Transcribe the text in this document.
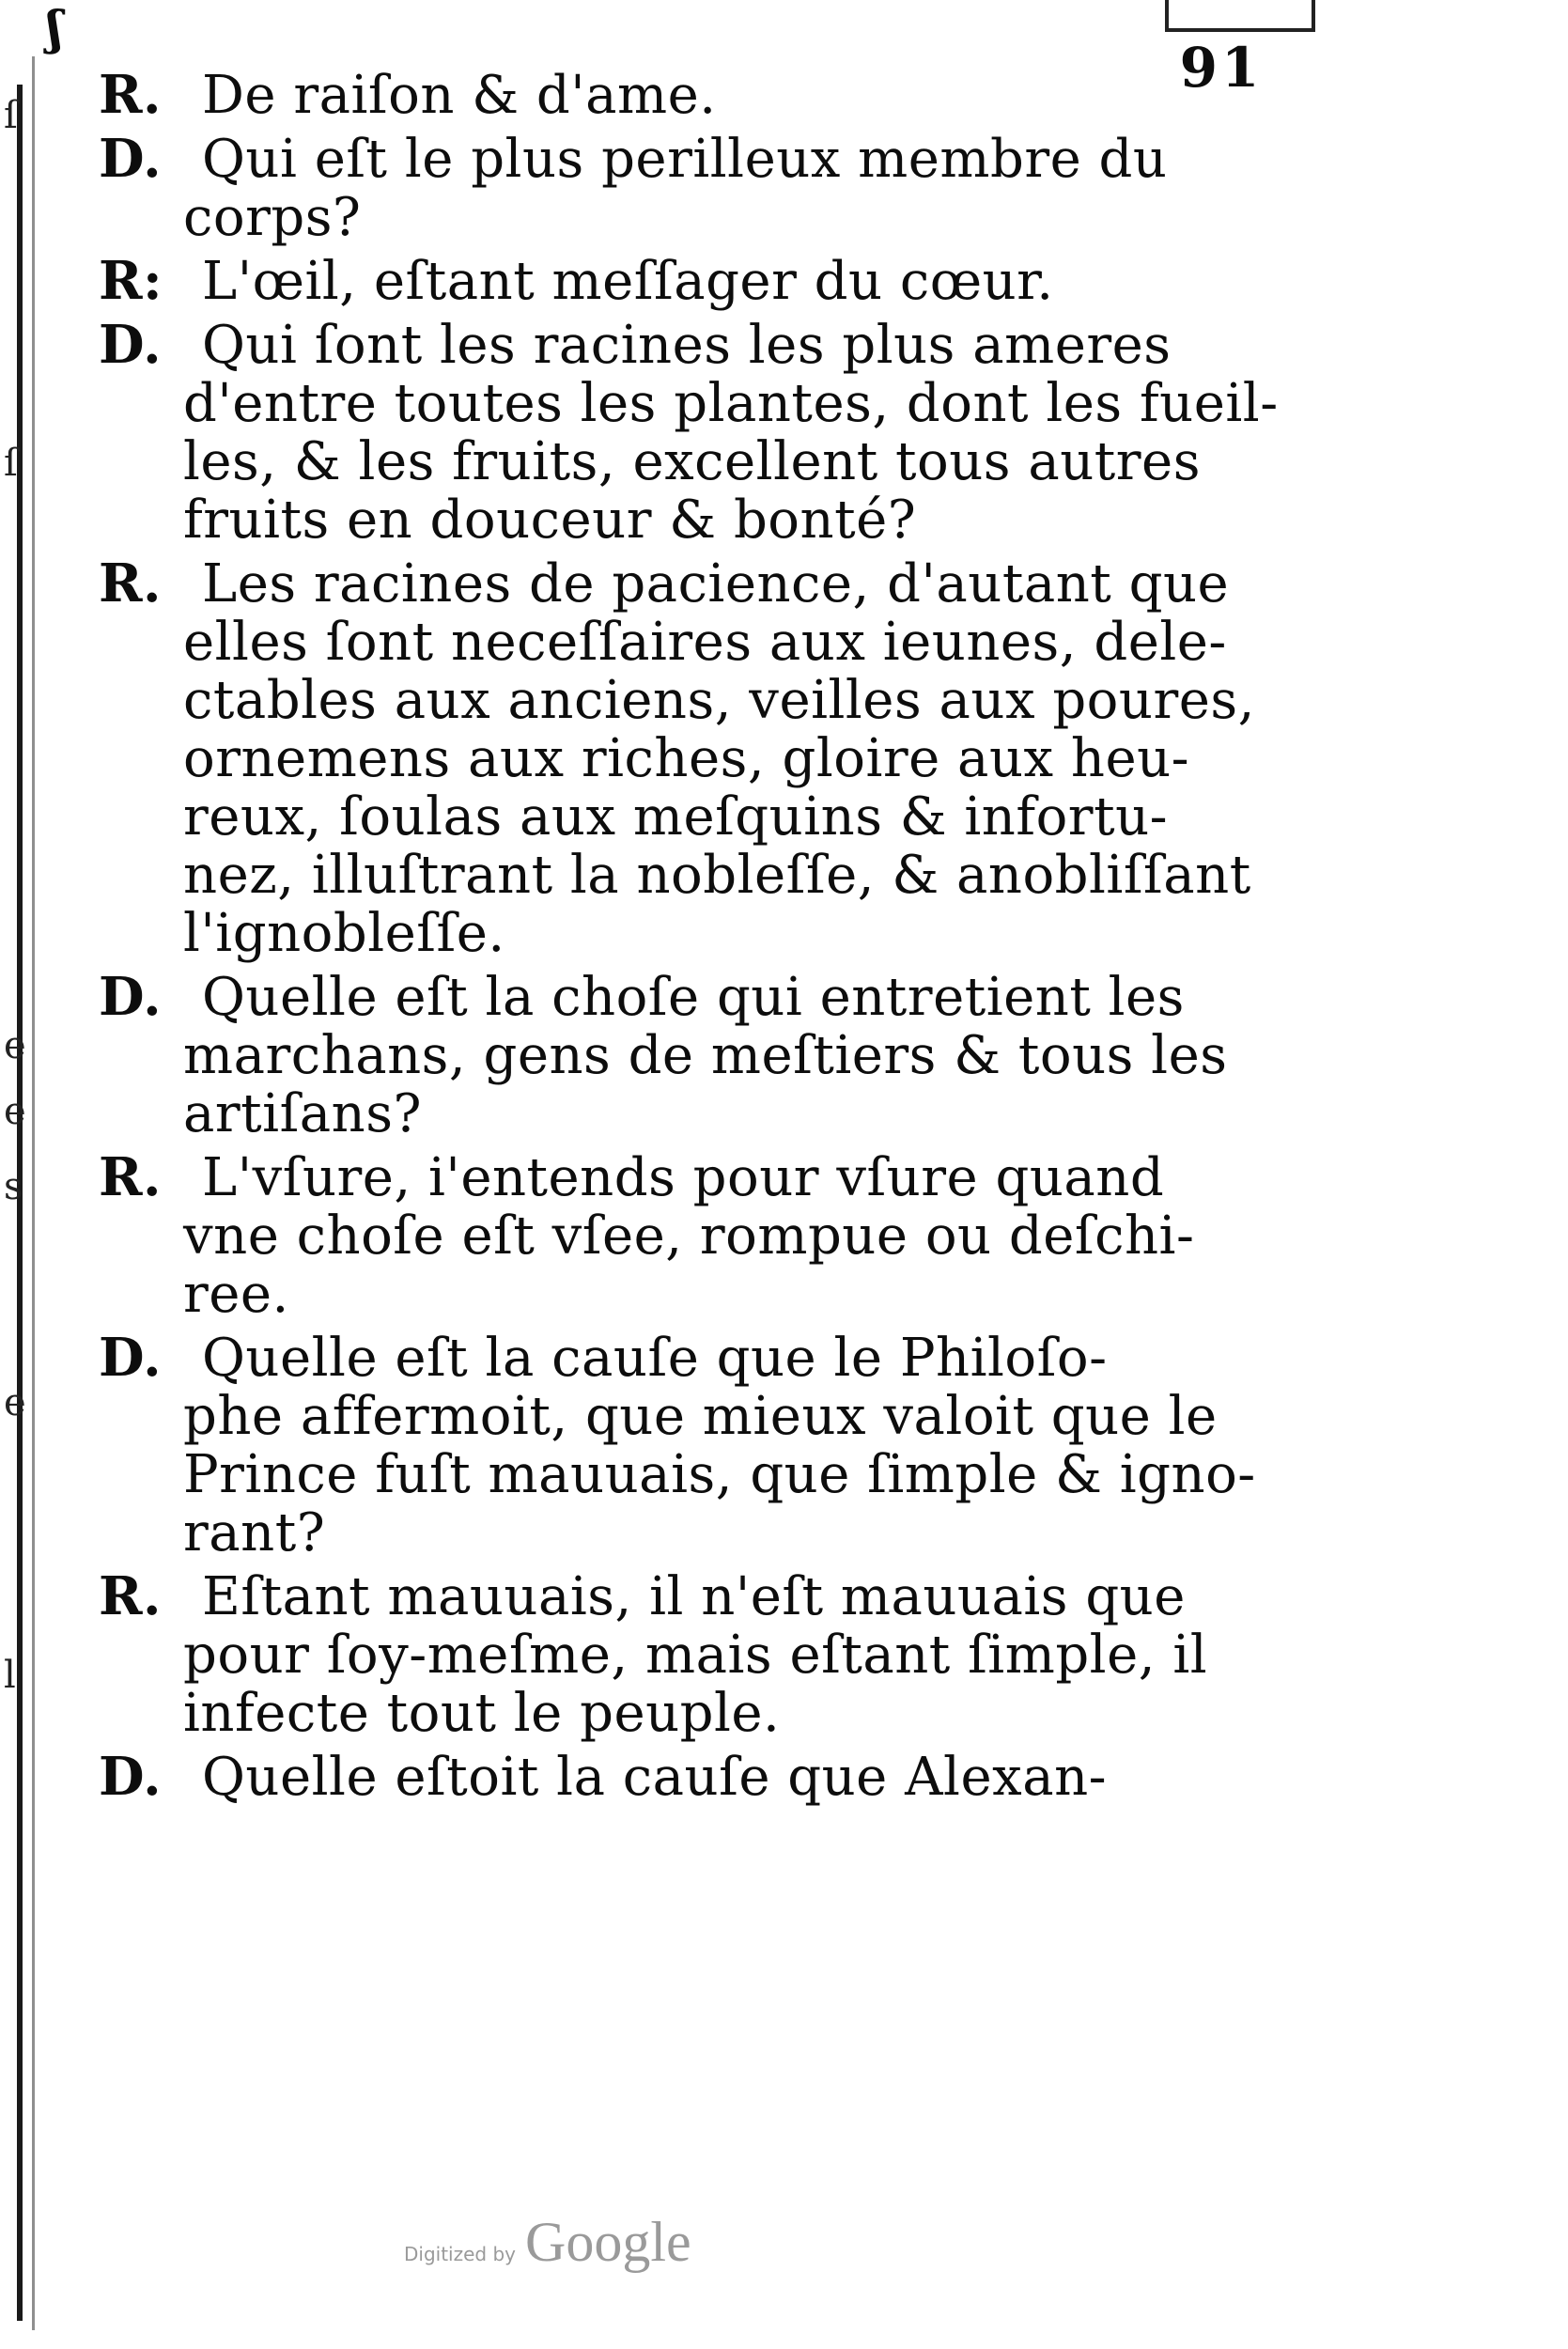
ʃ
91
ſ
ſ
e
e
s
e
l
R. De raiſon & d'ame.
D. Qui eſt le plus perilleux membre du
corps?
R: L'œil, eſtant meſſager du cœur.
D. Qui ſont les racines les plus ameres
d'entre toutes les plantes, dont les fueil-
les, & les fruits, excellent tous autres
fruits en douceur & bonté?
R. Les racines de pacience, d'autant que
elles ſont neceſſaires aux ieunes, dele-
ctables aux anciens, veilles aux poures,
ornemens aux riches, gloire aux heu-
reux, ſoulas aux meſquins & infortu-
nez, illuſtrant la nobleſſe, & anobliſſant
l'ignobleſſe.
D. Quelle eſt la choſe qui entretient les
marchans, gens de meſtiers & tous les
artiſans?
R. L'vſure, i'entends pour vſure quand
vne choſe eſt vſee, rompue ou deſchi-
ree.
D. Quelle eſt la cauſe que le Philoſo-
phe affermoit, que mieux valoit que le
Prince fuſt mauuais, que ſimple & igno-
rant?
R. Eſtant mauuais, il n'eſt mauuais que
pour ſoy-meſme, mais eſtant ſimple, il
infecte tout le peuple.
D. Quelle eſtoit la cauſe que Alexan-
Digitized by Google
